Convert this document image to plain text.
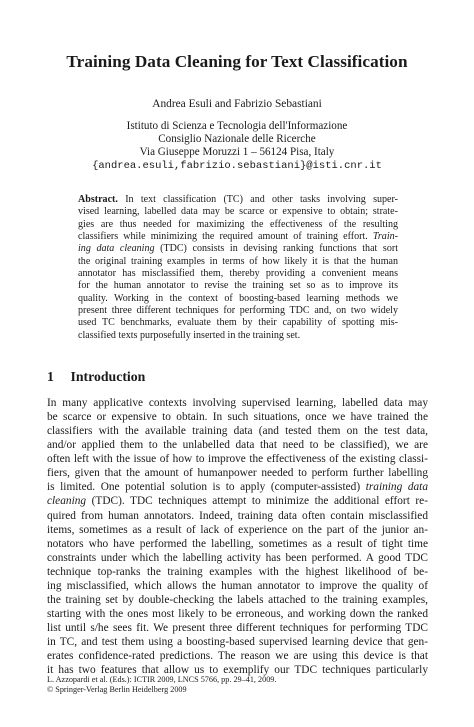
Training Data Cleaning for Text Classification
Andrea Esuli and Fabrizio Sebastiani
Istituto di Scienza e Tecnologia dell'Informazione
Consiglio Nazionale delle Ricerche
Via Giuseppe Moruzzi 1 – 56124 Pisa, Italy
{andrea.esuli,fabrizio.sebastiani}@isti.cnr.it
Abstract. In text classification (TC) and other tasks involving super-
vised learning, labelled data may be scarce or expensive to obtain; strate-
gies are thus needed for maximizing the effectiveness of the resulting
classifiers while minimizing the required amount of training effort. Train-
ing data cleaning (TDC) consists in devising ranking functions that sort
the original training examples in terms of how likely it is that the human
annotator has misclassified them, thereby providing a convenient means
for the human annotator to revise the training set so as to improve its
quality. Working in the context of boosting-based learning methods we
present three different techniques for performing TDC and, on two widely
used TC benchmarks, evaluate them by their capability of spotting mis-
classified texts purposefully inserted in the training set.
1 Introduction
In many applicative contexts involving supervised learning, labelled data may
be scarce or expensive to obtain. In such situations, once we have trained the
classifiers with the available training data (and tested them on the test data,
and/or applied them to the unlabelled data that need to be classified), we are
often left with the issue of how to improve the effectiveness of the existing classi-
fiers, given that the amount of humanpower needed to perform further labelling
is limited. One potential solution is to apply (computer-assisted) training data
cleaning (TDC). TDC techniques attempt to minimize the additional effort re-
quired from human annotators. Indeed, training data often contain misclassified
items, sometimes as a result of lack of experience on the part of the junior an-
notators who have performed the labelling, sometimes as a result of tight time
constraints under which the labelling activity has been performed. A good TDC
technique top-ranks the training examples with the highest likelihood of be-
ing misclassified, which allows the human annotator to improve the quality of
the training set by double-checking the labels attached to the training examples,
starting with the ones most likely to be erroneous, and working down the ranked
list until s/he sees fit. We present three different techniques for performing TDC
in TC, and test them using a boosting-based supervised learning device that gen-
erates confidence-rated predictions. The reason we are using this device is that
it has two features that allow us to exemplify our TDC techniques particularly
L. Azzopardi et al. (Eds.): ICTIR 2009, LNCS 5766, pp. 29–41, 2009.
© Springer-Verlag Berlin Heidelberg 2009
